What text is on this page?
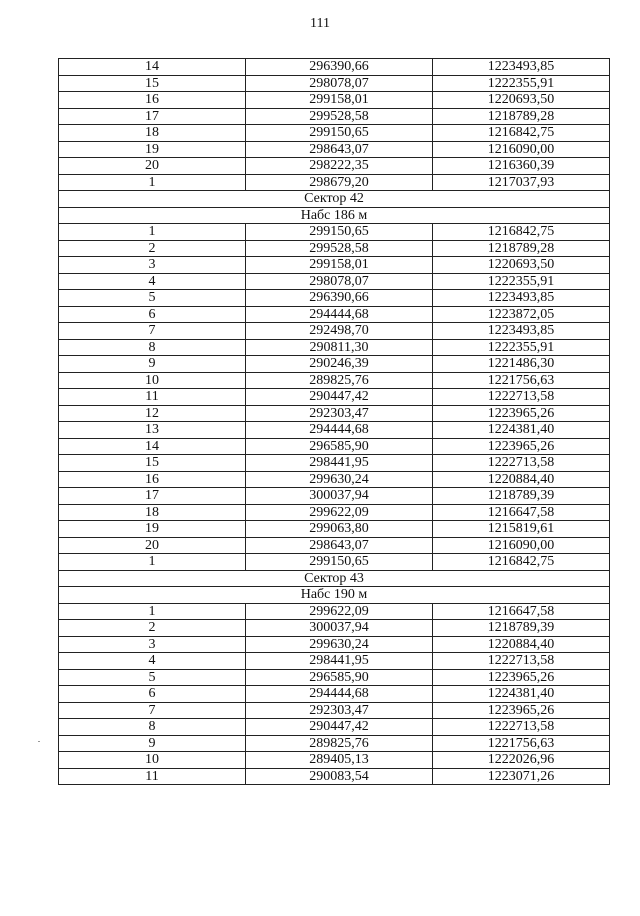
111
14	296390,66	1223493,85
15	298078,07	1222355,91
16	299158,01	1220693,50
17	299528,58	1218789,28
18	299150,65	1216842,75
19	298643,07	1216090,00
20	298222,35	1216360,39
1	298679,20	1217037,93
Сектор 42		
Набс 186 м		
1	299150,65	1216842,75
2	299528,58	1218789,28
3	299158,01	1220693,50
4	298078,07	1222355,91
5	296390,66	1223493,85
6	294444,68	1223872,05
7	292498,70	1223493,85
8	290811,30	1222355,91
9	290246,39	1221486,30
10	289825,76	1221756,63
11	290447,42	1222713,58
12	292303,47	1223965,26
13	294444,68	1224381,40
14	296585,90	1223965,26
15	298441,95	1222713,58
16	299630,24	1220884,40
17	300037,94	1218789,39
18	299622,09	1216647,58
19	299063,80	1215819,61
20	298643,07	1216090,00
1	299150,65	1216842,75
Сектор 43		
Набс 190 м		
1	299622,09	1216647,58
2	300037,94	1218789,39
3	299630,24	1220884,40
4	298441,95	1222713,58
5	296585,90	1223965,26
6	294444,68	1224381,40
7	292303,47	1223965,26
8	290447,42	1222713,58
9	289825,76	1221756,63
10	289405,13	1222026,96
11	290083,54	1223071,26
